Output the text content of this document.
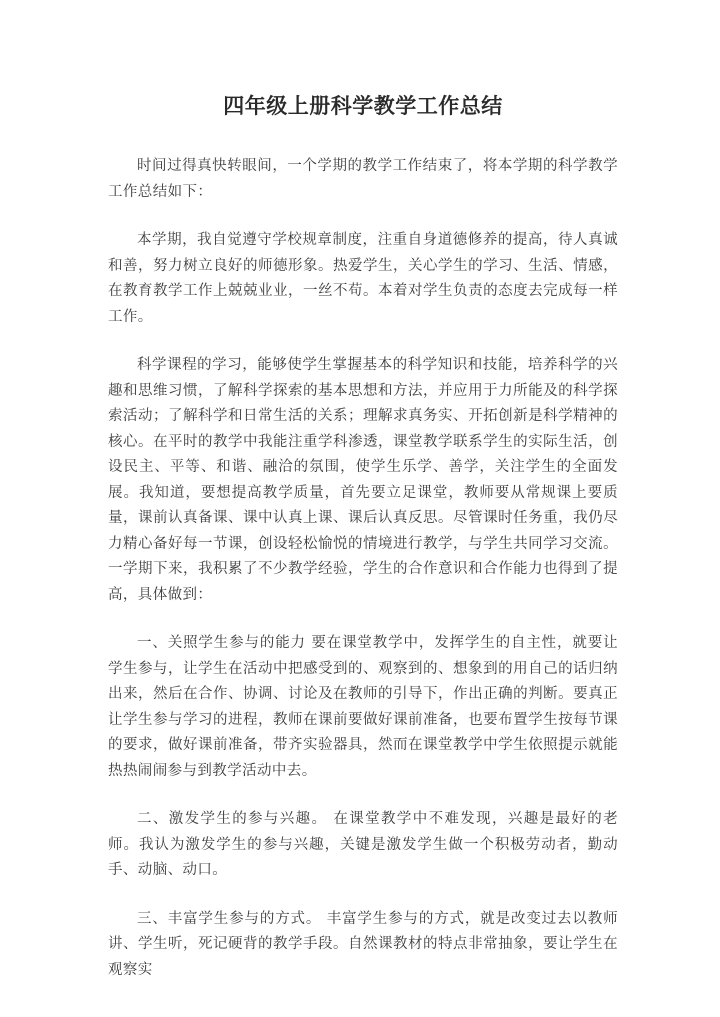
四年级上册科学教学工作总结

时间过得真快转眼间，一个学期的教学工作结束了，将本学期的科学教学工作总结如下：

本学期，我自觉遵守学校规章制度，注重自身道德修养的提高，待人真诚和善，努力树立良好的师德形象。热爱学生，关心学生的学习、生活、情感，在教育教学工作上兢兢业业，一丝不苟。本着对学生负责的态度去完成每一样工作。

科学课程的学习，能够使学生掌握基本的科学知识和技能，培养科学的兴趣和思维习惯，了解科学探索的基本思想和方法，并应用于力所能及的科学探索活动；了解科学和日常生活的关系；理解求真务实、开拓创新是科学精神的核心。在平时的教学中我能注重学科渗透，课堂教学联系学生的实际生活，创设民主、平等、和谐、融洽的氛围，使学生乐学、善学，关注学生的全面发展。我知道，要想提高教学质量，首先要立足课堂，教师要从常规课上要质量，课前认真备课、课中认真上课、课后认真反思。尽管课时任务重，我仍尽力精心备好每一节课，创设轻松愉悦的情境进行教学，与学生共同学习交流。一学期下来，我积累了不少教学经验，学生的合作意识和合作能力也得到了提高，具体做到：

一、关照学生参与的能力 要在课堂教学中，发挥学生的自主性，就要让学生参与，让学生在活动中把感受到的、观察到的、想象到的用自己的话归纳出来，然后在合作、协调、讨论及在教师的引导下，作出正确的判断。要真正让学生参与学习的进程，教师在课前要做好课前准备，也要布置学生按每节课的要求，做好课前准备，带齐实验器具，然而在课堂教学中学生依照提示就能热热闹闹参与到教学活动中去。

二、激发学生的参与兴趣。 在课堂教学中不难发现，兴趣是最好的老师。我认为激发学生的参与兴趣，关键是激发学生做一个积极劳动者，勤动手、动脑、动口。

三、丰富学生参与的方式。 丰富学生参与的方式，就是改变过去以教师讲、学生听，死记硬背的教学手段。自然课教材的特点非常抽象，要让学生在观察实
